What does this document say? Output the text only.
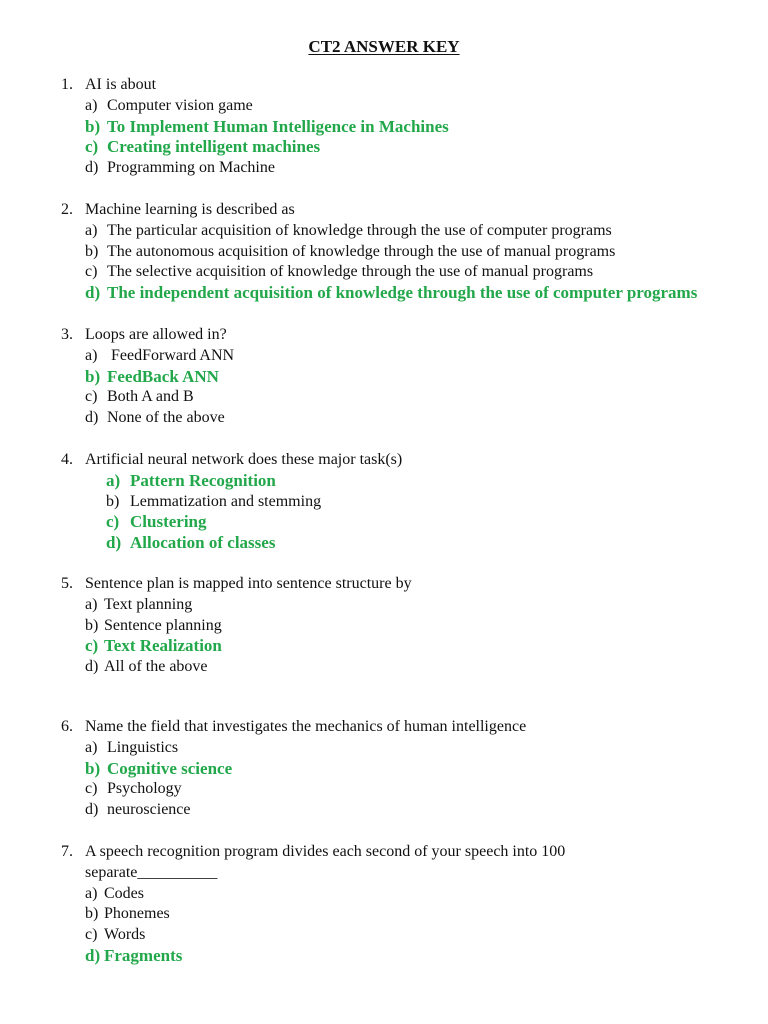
CT2 ANSWER KEY
1. AI is about
a) Computer vision game
b) To Implement Human Intelligence in Machines
c) Creating intelligent machines
d) Programming on Machine
2. Machine learning is described as
a) The particular acquisition of knowledge through the use of computer programs
b) The autonomous acquisition of knowledge through the use of manual programs
c) The selective acquisition of knowledge through the use of manual programs
d) The independent acquisition of knowledge through the use of computer programs
3. Loops are allowed in?
a) FeedForward ANN
b) FeedBack ANN
c) Both A and B
d) None of the above
4. Artificial neural network does these major task(s)
a) Pattern Recognition
b) Lemmatization and stemming
c) Clustering
d) Allocation of classes
5. Sentence plan is mapped into sentence structure by
a) Text planning
b) Sentence planning
c) Text Realization
d) All of the above
6. Name the field that investigates the mechanics of human intelligence
a) Linguistics
b) Cognitive science
c) Psychology
d) neuroscience
7. A speech recognition program divides each second of your speech into 100
separate__________
a) Codes
b) Phonemes
c) Words
d) Fragments
